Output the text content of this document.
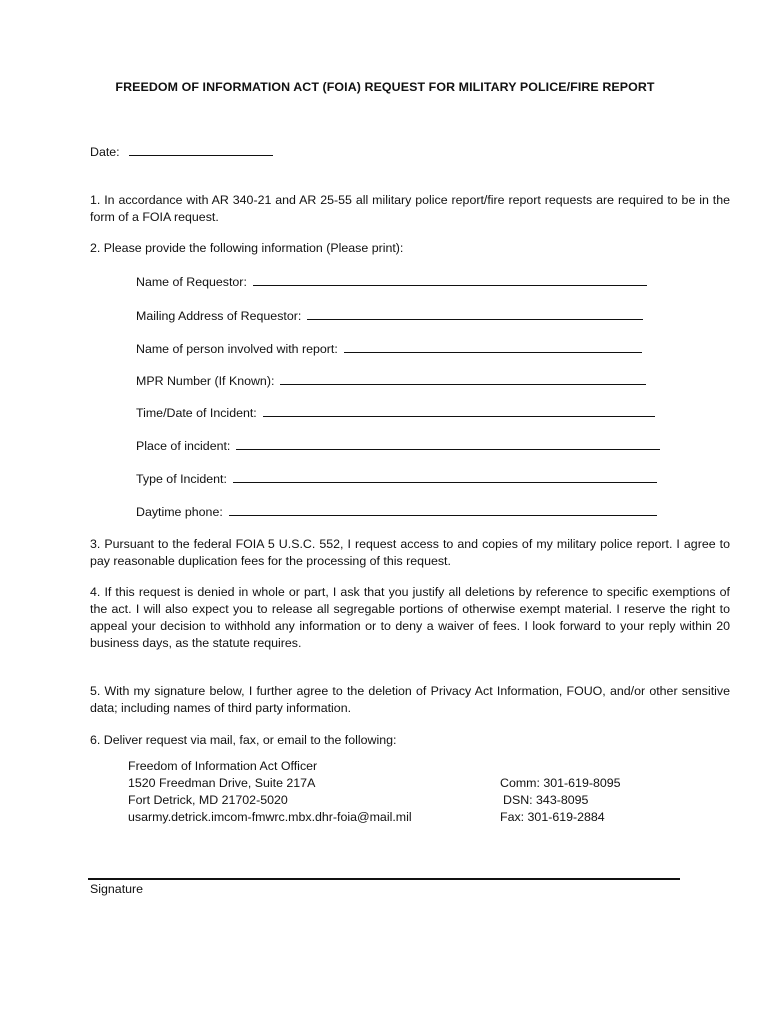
FREEDOM OF INFORMATION ACT (FOIA) REQUEST FOR MILITARY POLICE/FIRE REPORT
Date:
1. In accordance with AR 340-21 and AR 25-55 all military police report/fire report requests are required to be in the form of a FOIA request.
2. Please provide the following information (Please print):
Name of Requestor:
Mailing Address of Requestor:
Name of person involved with report:
MPR Number (If Known):
Time/Date of Incident:
Place of incident:
Type of Incident:
Daytime phone:
3. Pursuant to the federal FOIA 5 U.S.C. 552, I request access to and copies of my military police report. I agree to pay reasonable duplication fees for the processing of this request.
4. If this request is denied in whole or part, I ask that you justify all deletions by reference to specific exemptions of the act. I will also expect you to release all segregable portions of otherwise exempt material. I reserve the right to appeal your decision to withhold any information or to deny a waiver of fees. I look forward to your reply within 20 business days, as the statute requires.
5. With my signature below, I further agree to the deletion of Privacy Act Information, FOUO, and/or other sensitive data; including names of third party information.
6. Deliver request via mail, fax, or email to the following:
Freedom of Information Act Officer
1520 Freedman Drive, Suite 217A
Fort Detrick, MD 21702-5020
usarmy.detrick.imcom-fmwrc.mbx.dhr-foia@mail.mil
Comm: 301-619-8095
DSN: 343-8095
Fax: 301-619-2884
Signature
